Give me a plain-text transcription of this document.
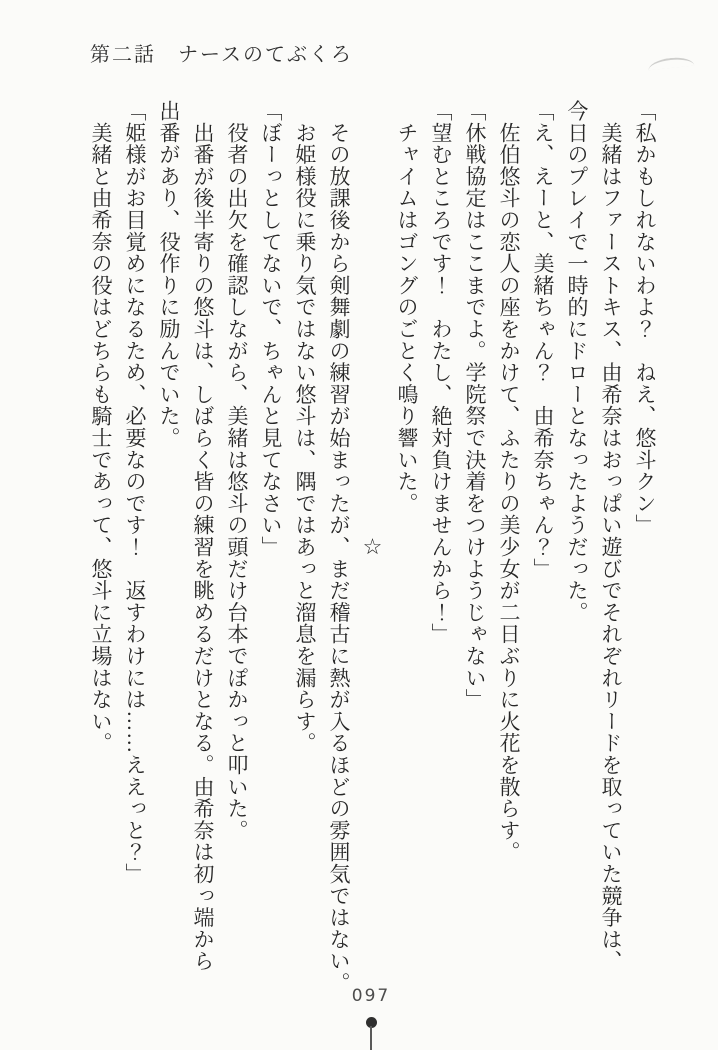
第二話　ナースのてぶくろ
「私かもしれないわよ？　ねえ、悠斗クン」
　美緒はファーストキス、由希奈はおっぱい遊びでそれぞれリードを取っていた競争は、
今日のプレイで一時的にドローとなったようだった。
「え、えーと、美緒ちゃん？　由希奈ちゃん？」
　佐伯悠斗の恋人の座をかけて、ふたりの美少女が二日ぶりに火花を散らす。
「休戦協定はここまでよ。学院祭で決着をつけようじゃない」
「望むところです！　わたし、絶対負けませんから！」
　チャイムはゴングのごとく鳴り響いた。
☆
　その放課後から剣舞劇の練習が始まったが、まだ稽古に熱が入るほどの雰囲気ではない。
　お姫様役に乗り気ではない悠斗は、隅ではあっと溜息を漏らす。
「ぼーっとしてないで、ちゃんと見てなさい」
　役者の出欠を確認しながら、美緒は悠斗の頭だけ台本でぽかっと叩いた。
　出番が後半寄りの悠斗は、しばらく皆の練習を眺めるだけとなる。由希奈は初っ端から
出番があり、役作りに励んでいた。
「姫様がお目覚めになるため、必要なのです！　返すわけには……ええっと？」
　美緒と由希奈の役はどちらも騎士であって、悠斗に立場はない。
097
